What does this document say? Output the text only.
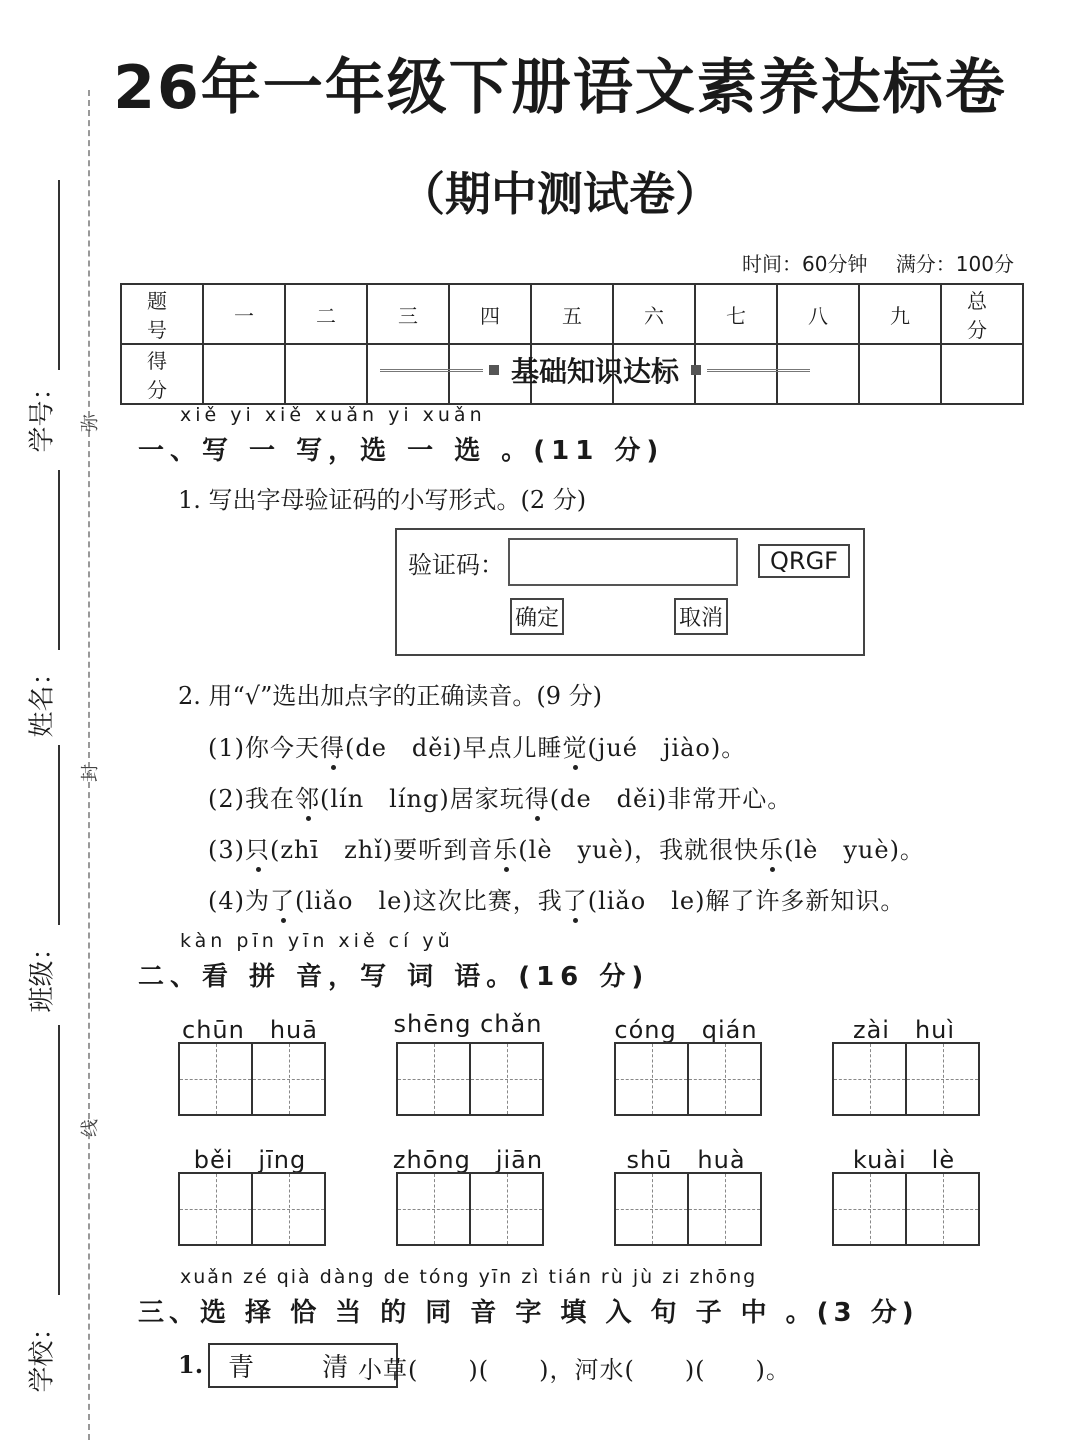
学号：
姓名：
班级：
学校：
弥
封
线
26年一年级下册语文素养达标卷
（期中测试卷）
时间：60分钟 满分：100分
题　号	一	二	三	四	五	六	七	八	九	总　分
得　分										
基础知识达标
xiě yi xiě xuǎn yi xuǎn
一、写 一 写，选 一 选 。(11 分)
1. 写出字母验证码的小写形式。(2 分)
验证码：	QRGF
确定	取消
2. 用“√”选出加点字的正确读音。(9 分)
(1)你今天得(de　děi)早点儿睡觉(jué　jiào)。
(2)我在邻(lín　líng)居家玩得(de　děi)非常开心。
(3)只(zhī　zhǐ)要听到音乐(lè　yuè)，我就很快乐(lè　yuè)。
(4)为了(liǎo　le)这次比赛，我了(liǎo　le)解了许多新知识。
kàn pīn yīn xiě cí yǔ
二、看 拼 音，写 词 语。(16 分)
chūn　huā	shēng chǎn	cóng　qián	zài　huì
běi　jīng	zhōng　jiān	shū　huà	kuài　lè
xuǎn zé qià dàng de tóng yīn zì tián rù jù zi zhōng
三、选 择 恰 当 的 同 音 字 填 入 句 子 中 。(3 分)
1. 青 清
小草(　　)(　　)，河水(　　)(　　)。
